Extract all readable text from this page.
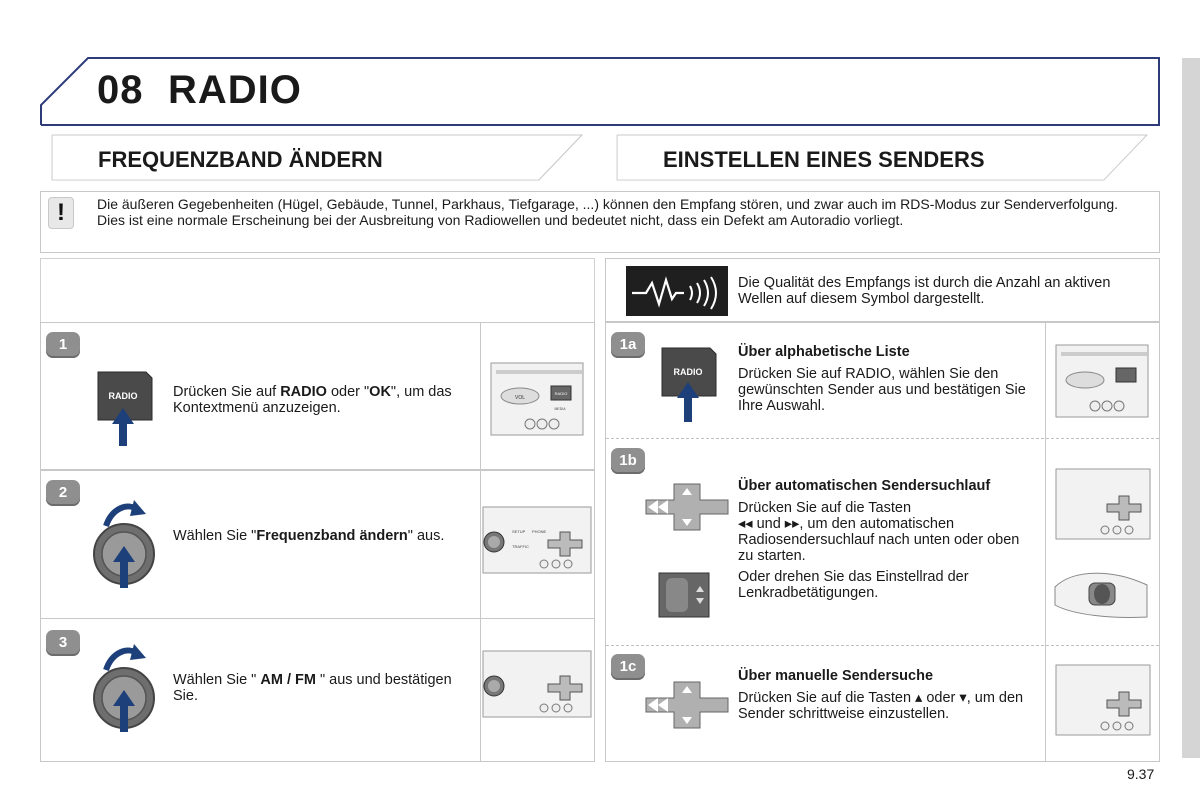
08 RADIO
FREQUENZBAND ÄNDERN	EINSTELLEN EINES SENDERS
!	Die äußeren Gegebenheiten (Hügel, Gebäude, Tunnel, Parkhaus, Tiefgarage, ...) können den Empfang stören, und zwar auch im RDS-Modus zur Senderverfolgung. Dies ist eine normale Erscheinung bei der Ausbreitung von Radiowellen und bedeutet nicht, dass ein Defekt am Autoradio vorliegt.
Die Qualität des Empfangs ist durch die Anzahl an aktiven Wellen auf diesem Symbol dargestellt.
1
RADIO Drücken Sie auf RADIO oder "OK", um das Kontextmenü anzuzeigen.
VOL
RADIO
MEDIA
2
Wählen Sie "Frequenzband ändern" aus.	SETUP
TRAFFIC
PHONE
3
Wählen Sie " AM / FM " aus und bestätigen Sie.
1a
RADIO
Über alphabetische Liste
Drücken Sie auf RADIO, wählen Sie den gewünschten Sender aus und bestätigen Sie Ihre Auswahl.
1b
Über automatischen Sendersuchlauf
Drücken Sie auf die Tasten
◂◂ und ▸▸, um den automatischen Radiosendersuchlauf nach unten oder oben zu starten.
Oder drehen Sie das Einstellrad der Lenkradbetätigungen.
1c
Über manuelle Sendersuche
Drücken Sie auf die Tasten ▴ oder ▾, um den Sender schrittweise einzustellen.
9.37
